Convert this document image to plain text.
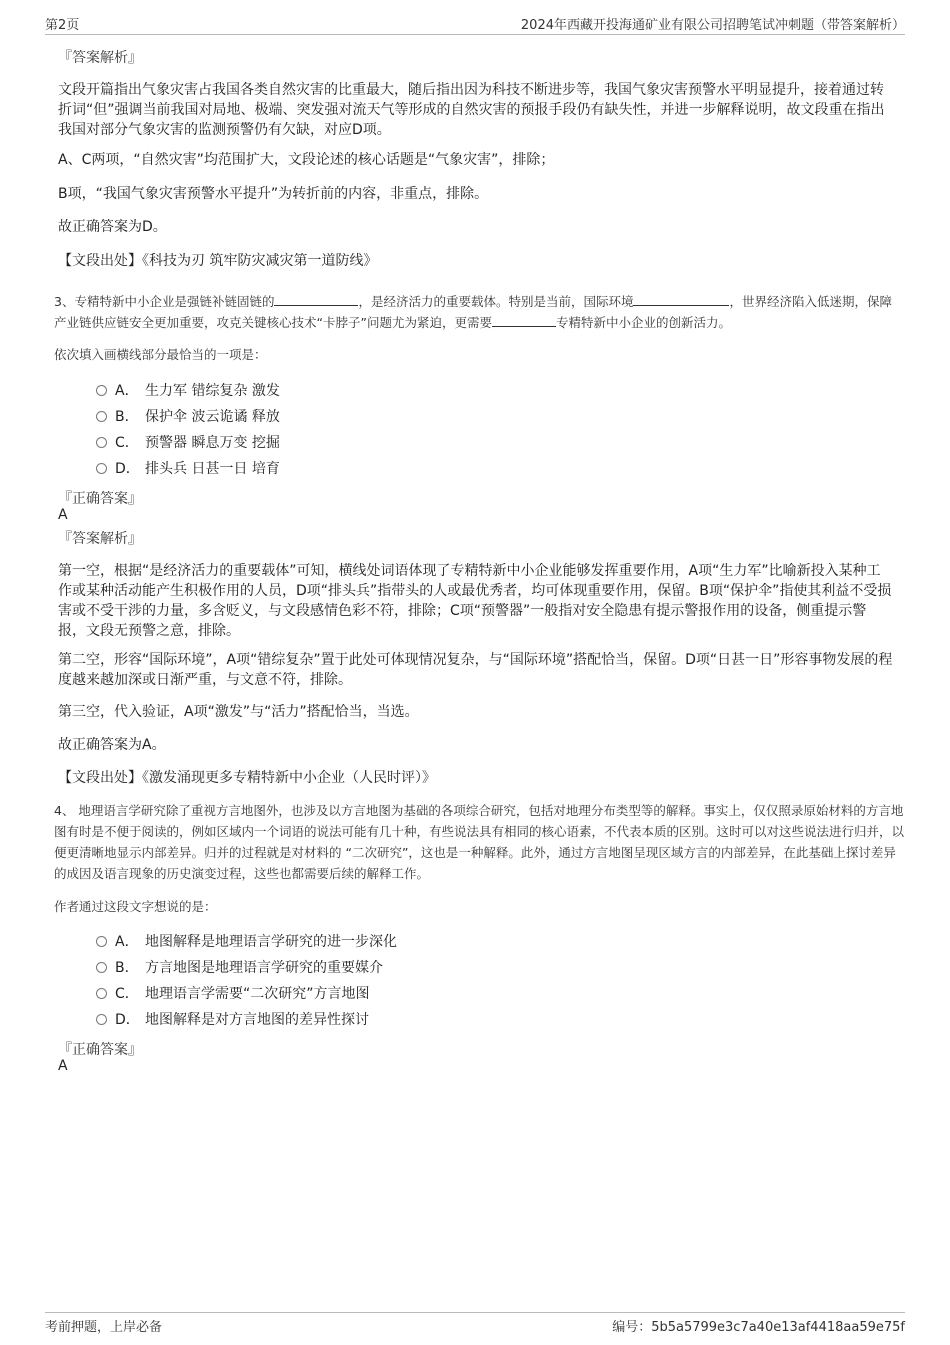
第2页	2024年西藏开投海通矿业有限公司招聘笔试冲刺题（带答案解析）
『答案解析』
文段开篇指出气象灾害占我国各类自然灾害的比重最大，随后指出因为科技不断进步等，我国气象灾害预警水平明显提升，接着通过转折词“但”强调当前我国对局地、极端、突发强对流天气等形成的自然灾害的预报手段仍有缺失性，并进一步解释说明，故文段重在指出我国对部分气象灾害的监测预警仍有欠缺，对应D项。
A、C两项，“自然灾害”均范围扩大，文段论述的核心话题是“气象灾害”，排除；
B项，“我国气象灾害预警水平提升”为转折前的内容，非重点，排除。
故正确答案为D。
【文段出处】《科技为刃 筑牢防灾减灾第一道防线》
3、专精特新中小企业是强链补链固链的	，是经济活力的重要载体。特别是当前，国际环境	，世界经济陷入低迷期，保障产业链供应链安全更加重要，攻克关键核心技术“卡脖子”问题尤为紧迫，更需要	专精特新中小企业的创新活力。
依次填入画横线部分最恰当的一项是：
A． 生力军 错综复杂 激发
B． 保护伞 波云诡谲 释放
C． 预警器 瞬息万变 挖掘
D． 排头兵 日甚一日 培育
『正确答案』
A
『答案解析』
第一空，根据“是经济活力的重要载体”可知，横线处词语体现了专精特新中小企业能够发挥重要作用，A项“生力军”比喻新投入某种工作或某种活动能产生积极作用的人员，D项“排头兵”指带头的人或最优秀者，均可体现重要作用，保留。B项“保护伞”指使其利益不受损害或不受干涉的力量，多含贬义，与文段感情色彩不符，排除；C项“预警器”一般指对安全隐患有提示警报作用的设备，侧重提示警报，文段无预警之意，排除。
第二空，形容“国际环境”，A项“错综复杂”置于此处可体现情况复杂，与“国际环境”搭配恰当，保留。D项“日甚一日”形容事物发展的程度越来越加深或日渐严重，与文意不符，排除。
第三空，代入验证，A项“激发”与“活力”搭配恰当，当选。
故正确答案为A。
【文段出处】《激发涌现更多专精特新中小企业（人民时评）》
4、 地理语言学研究除了重视方言地图外，也涉及以方言地图为基础的各项综合研究，包括对地理分布类型等的解释。事实上，仅仅照录原始材料的方言地图有时是不便于阅读的，例如区域内一个词语的说法可能有几十种，有些说法具有相同的核心语素，不代表本质的区别。这时可以对这些说法进行归并，以便更清晰地显示内部差异。归并的过程就是对材料的 “二次研究”，这也是一种解释。此外，通过方言地图呈现区域方言的内部差异，在此基础上探讨差异的成因及语言现象的历史演变过程，这些也都需要后续的解释工作。
作者通过这段文字想说的是：
A． 地图解释是地理语言学研究的进一步深化
B． 方言地图是地理语言学研究的重要媒介
C． 地理语言学需要“二次研究”方言地图
D． 地图解释是对方言地图的差异性探讨
『正确答案』
A
考前押题，上岸必备	编号：5b5a5799e3c7a40e13af4418aa59e75f
